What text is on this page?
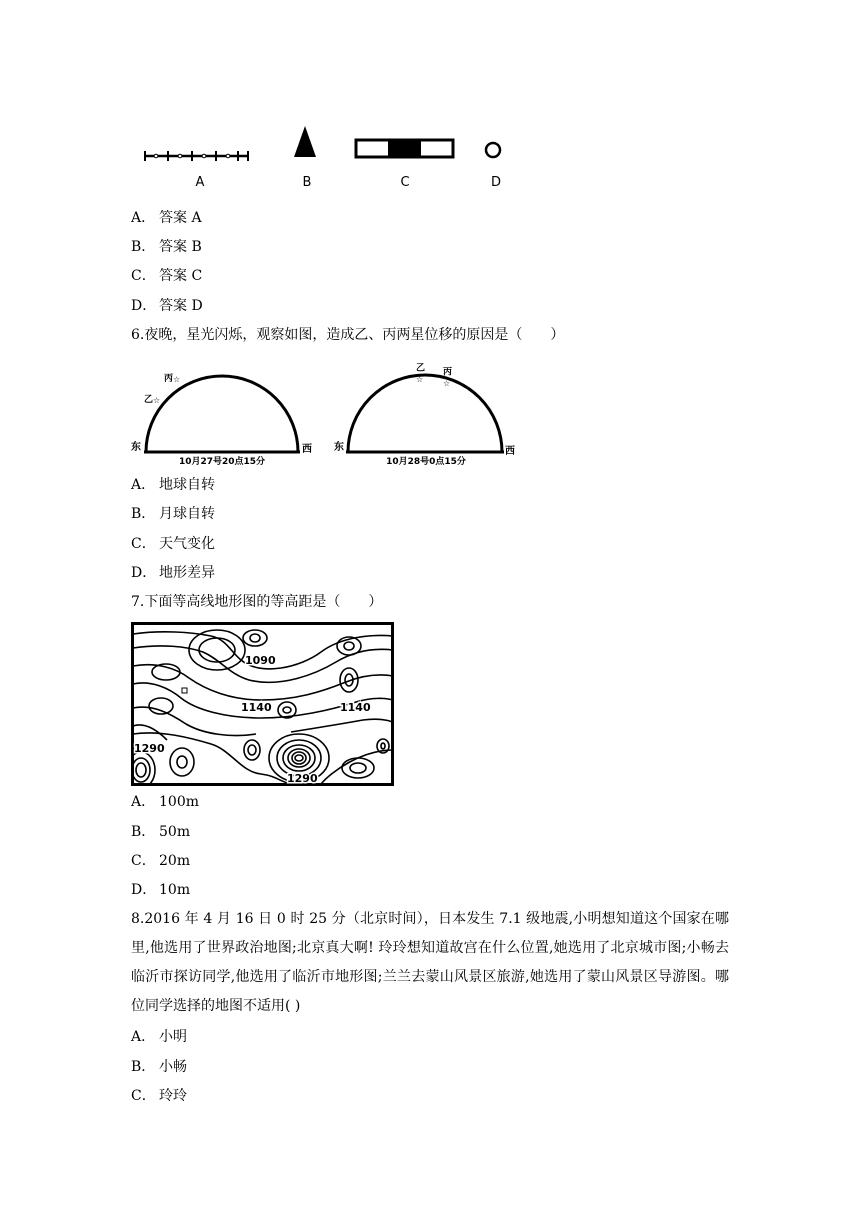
A	B	C	D
A． 答案 A
B． 答案 B
C． 答案 C
D． 答案 D
6.夜晚，星光闪烁，观察如图，造成乙、丙两星位移的原因是（　　）
东	西
丙 ☆
乙 ☆
10月27号20点15分
东	西
乙
☆
丙
☆
10月28号0点15分
A． 地球自转
B． 月球自转
C． 天气变化
D． 地形差异
7.下面等高线地形图的等高距是（　　）
1090
1140	1140
1290
1290
A． 100m
B． 50m
C． 20m
D． 10m
8.2016 年 4 月 16 日 0 时 25 分（北京时间），日本发生 7.1 级地震,小明想知道这个国家在哪里,他选用了世界政治地图;北京真大啊! 玲玲想知道故宫在什么位置,她选用了北京城市图;小畅去临沂市探访同学,他选用了临沂市地形图;兰兰去蒙山风景区旅游,她选用了蒙山风景区导游图。哪位同学选择的地图不适用( )
A． 小明
B． 小畅
C． 玲玲
